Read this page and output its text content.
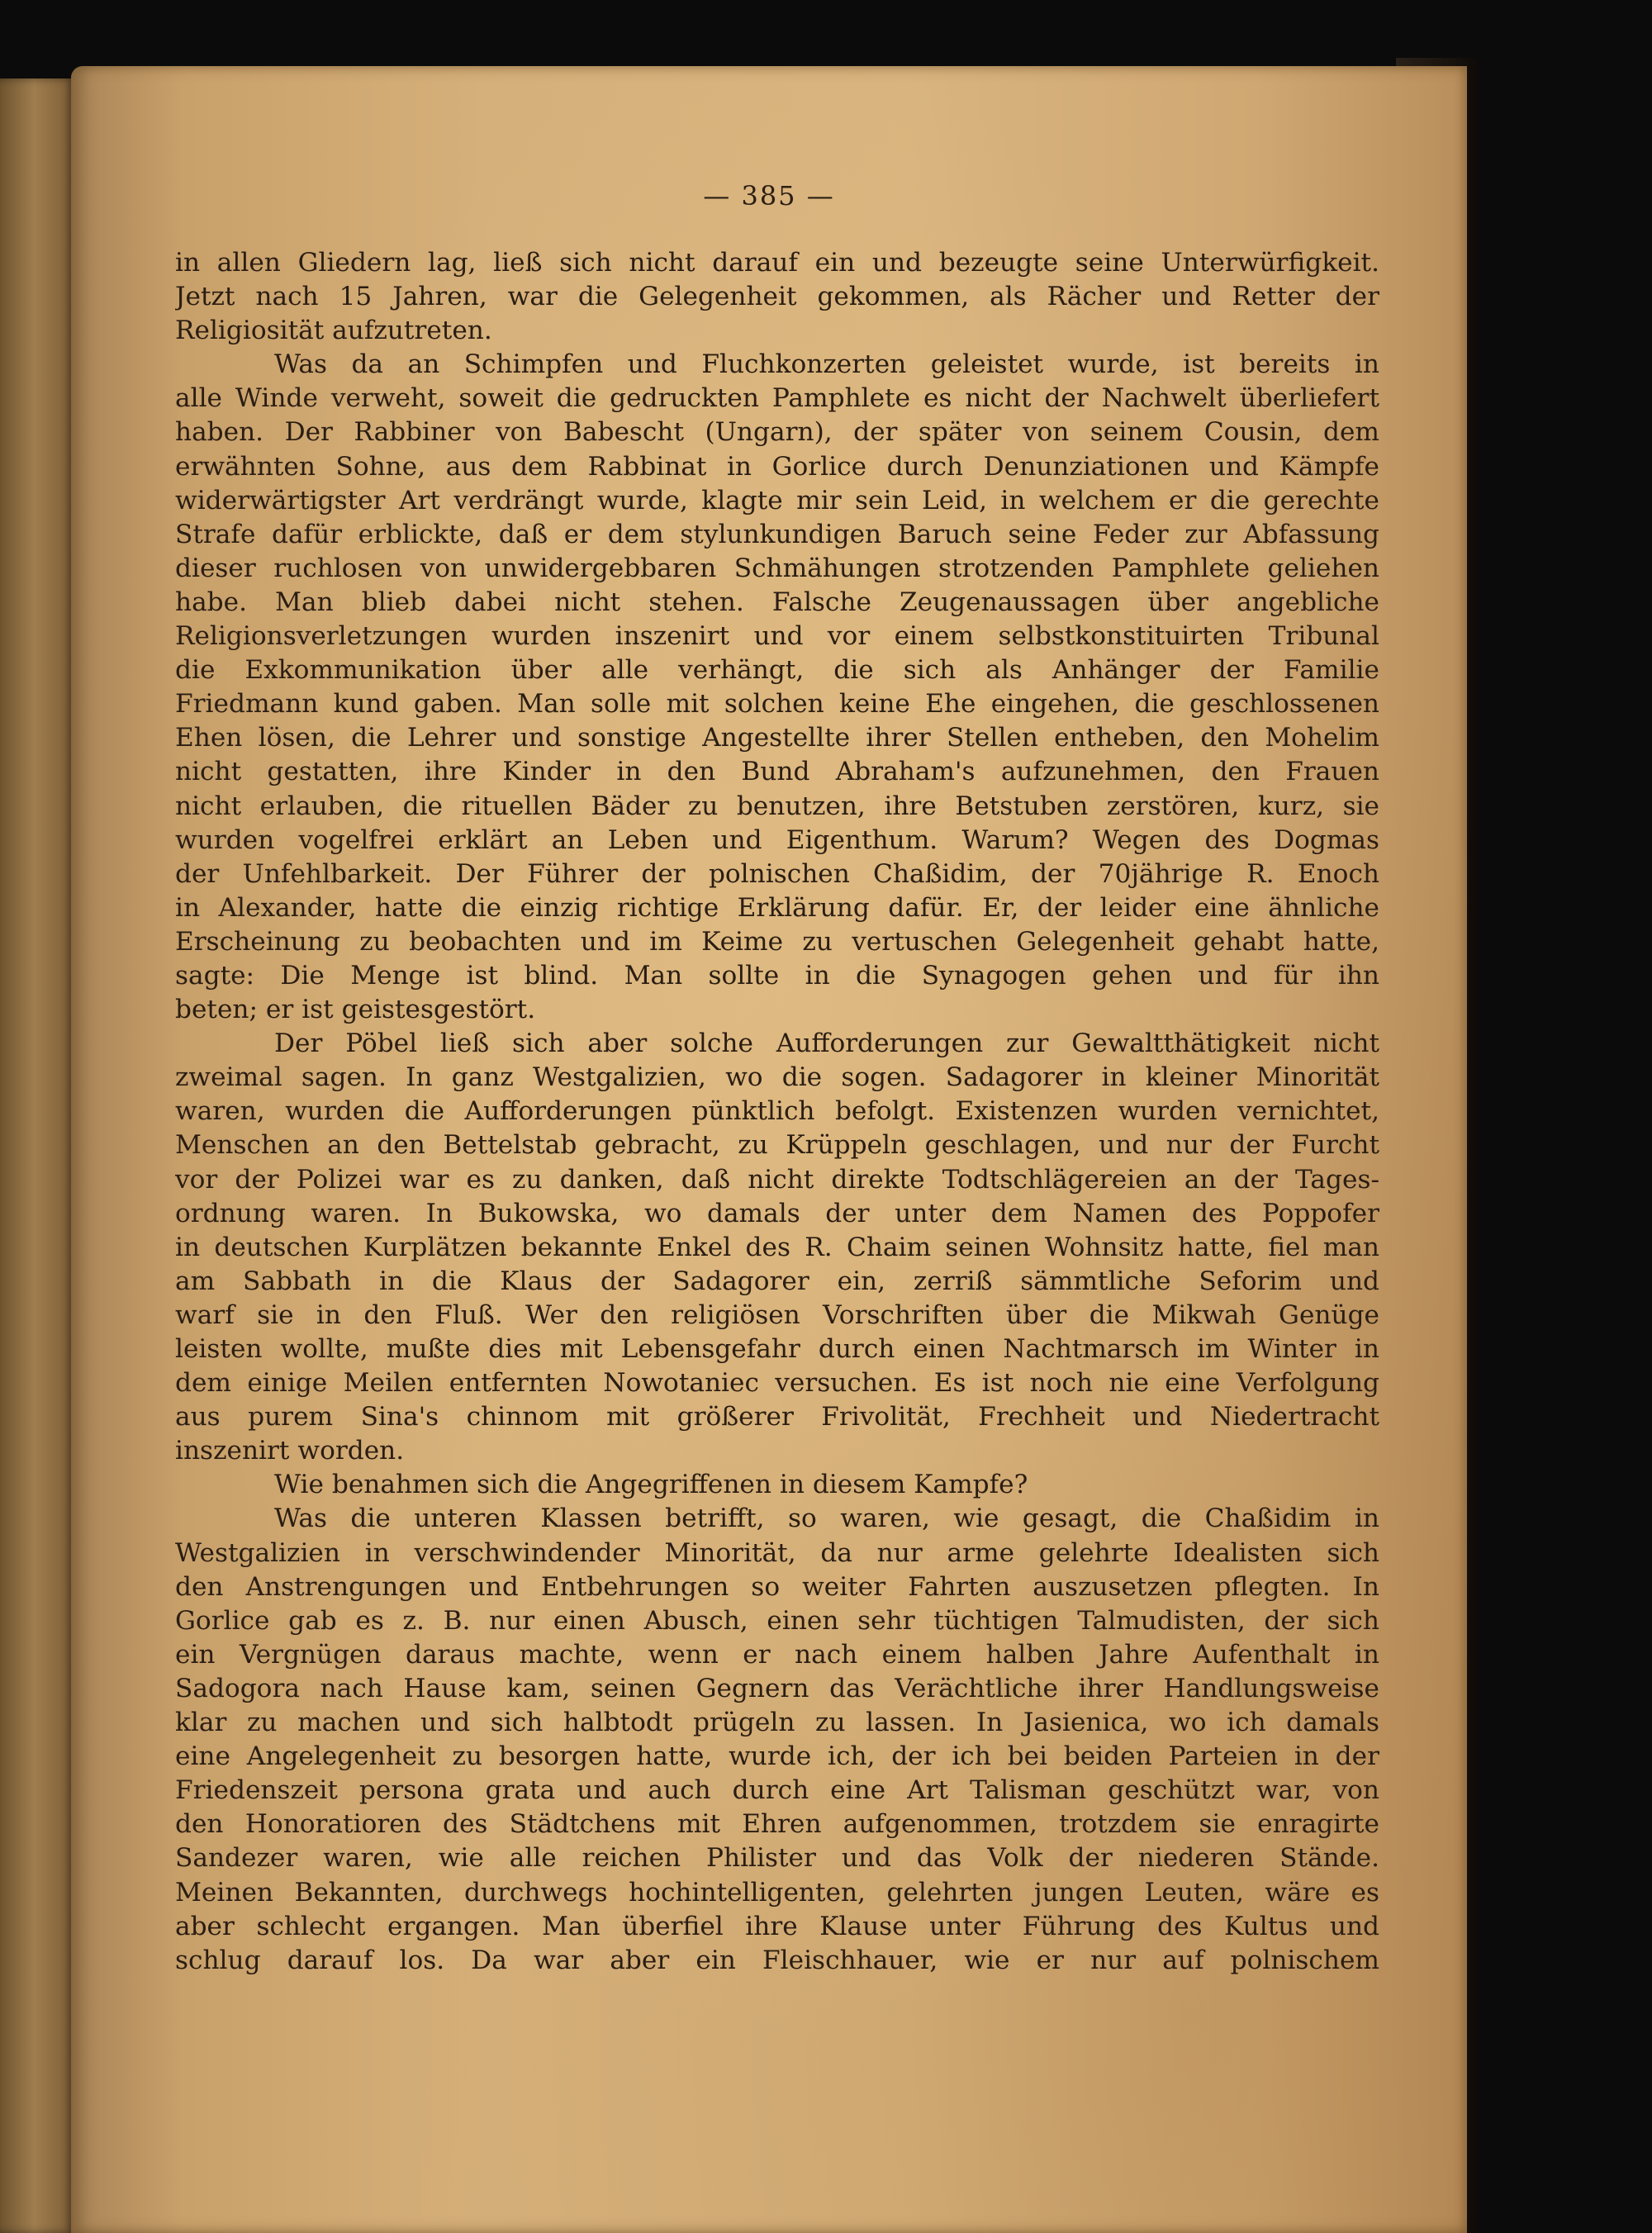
— 385 —
in allen Gliedern lag, ließ sich nicht darauf ein und bezeugte seine Unterwürfigkeit.
Jetzt nach 15 Jahren, war die Gelegenheit gekommen, als Rächer und Retter der
Religiosität aufzutreten.
Was da an Schimpfen und Fluchkonzerten geleistet wurde, ist bereits in
alle Winde verweht, soweit die gedruckten Pamphlete es nicht der Nachwelt überliefert
haben. Der Rabbiner von Babescht (Ungarn), der später von seinem Cousin, dem
erwähnten Sohne, aus dem Rabbinat in Gorlice durch Denunziationen und Kämpfe
widerwärtigster Art verdrängt wurde, klagte mir sein Leid, in welchem er die gerechte
Strafe dafür erblickte, daß er dem stylunkundigen Baruch seine Feder zur Abfassung
dieser ruchlosen von unwidergebbaren Schmähungen strotzenden Pamphlete geliehen
habe. Man blieb dabei nicht stehen. Falsche Zeugenaussagen über angebliche
Religionsverletzungen wurden inszenirt und vor einem selbstkonstituirten Tribunal
die Exkommunikation über alle verhängt, die sich als Anhänger der Familie
Friedmann kund gaben. Man solle mit solchen keine Ehe eingehen, die geschlossenen
Ehen lösen, die Lehrer und sonstige Angestellte ihrer Stellen entheben, den Mohelim
nicht gestatten, ihre Kinder in den Bund Abraham's aufzunehmen, den Frauen
nicht erlauben, die rituellen Bäder zu benutzen, ihre Betstuben zerstören, kurz, sie
wurden vogelfrei erklärt an Leben und Eigenthum. Warum? Wegen des Dogmas
der Unfehlbarkeit. Der Führer der polnischen Chaßidim, der 70jährige R. Enoch
in Alexander, hatte die einzig richtige Erklärung dafür. Er, der leider eine ähnliche
Erscheinung zu beobachten und im Keime zu vertuschen Gelegenheit gehabt hatte,
sagte: Die Menge ist blind. Man sollte in die Synagogen gehen und für ihn
beten; er ist geistesgestört.
Der Pöbel ließ sich aber solche Aufforderungen zur Gewaltthätigkeit nicht
zweimal sagen. In ganz Westgalizien, wo die sogen. Sadagorer in kleiner Minorität
waren, wurden die Aufforderungen pünktlich befolgt. Existenzen wurden vernichtet,
Menschen an den Bettelstab gebracht, zu Krüppeln geschlagen, und nur der Furcht
vor der Polizei war es zu danken, daß nicht direkte Todtschlägereien an der Tages-
ordnung waren. In Bukowska, wo damals der unter dem Namen des Poppofer
in deutschen Kurplätzen bekannte Enkel des R. Chaim seinen Wohnsitz hatte, fiel man
am Sabbath in die Klaus der Sadagorer ein, zerriß sämmtliche Seforim und
warf sie in den Fluß. Wer den religiösen Vorschriften über die Mikwah Genüge
leisten wollte, mußte dies mit Lebensgefahr durch einen Nachtmarsch im Winter in
dem einige Meilen entfernten Nowotaniec versuchen. Es ist noch nie eine Verfolgung
aus purem Sina's chinnom mit größerer Frivolität, Frechheit und Niedertracht
inszenirt worden.
Wie benahmen sich die Angegriffenen in diesem Kampfe?
Was die unteren Klassen betrifft, so waren, wie gesagt, die Chaßidim in
Westgalizien in verschwindender Minorität, da nur arme gelehrte Idealisten sich
den Anstrengungen und Entbehrungen so weiter Fahrten auszusetzen pflegten. In
Gorlice gab es z. B. nur einen Abusch, einen sehr tüchtigen Talmudisten, der sich
ein Vergnügen daraus machte, wenn er nach einem halben Jahre Aufenthalt in
Sadogora nach Hause kam, seinen Gegnern das Verächtliche ihrer Handlungsweise
klar zu machen und sich halbtodt prügeln zu lassen. In Jasienica, wo ich damals
eine Angelegenheit zu besorgen hatte, wurde ich, der ich bei beiden Parteien in der
Friedenszeit persona grata und auch durch eine Art Talisman geschützt war, von
den Honoratioren des Städtchens mit Ehren aufgenommen, trotzdem sie enragirte
Sandezer waren, wie alle reichen Philister und das Volk der niederen Stände.
Meinen Bekannten, durchwegs hochintelligenten, gelehrten jungen Leuten, wäre es
aber schlecht ergangen. Man überfiel ihre Klause unter Führung des Kultus und
schlug darauf los. Da war aber ein Fleischhauer, wie er nur auf polnischem
